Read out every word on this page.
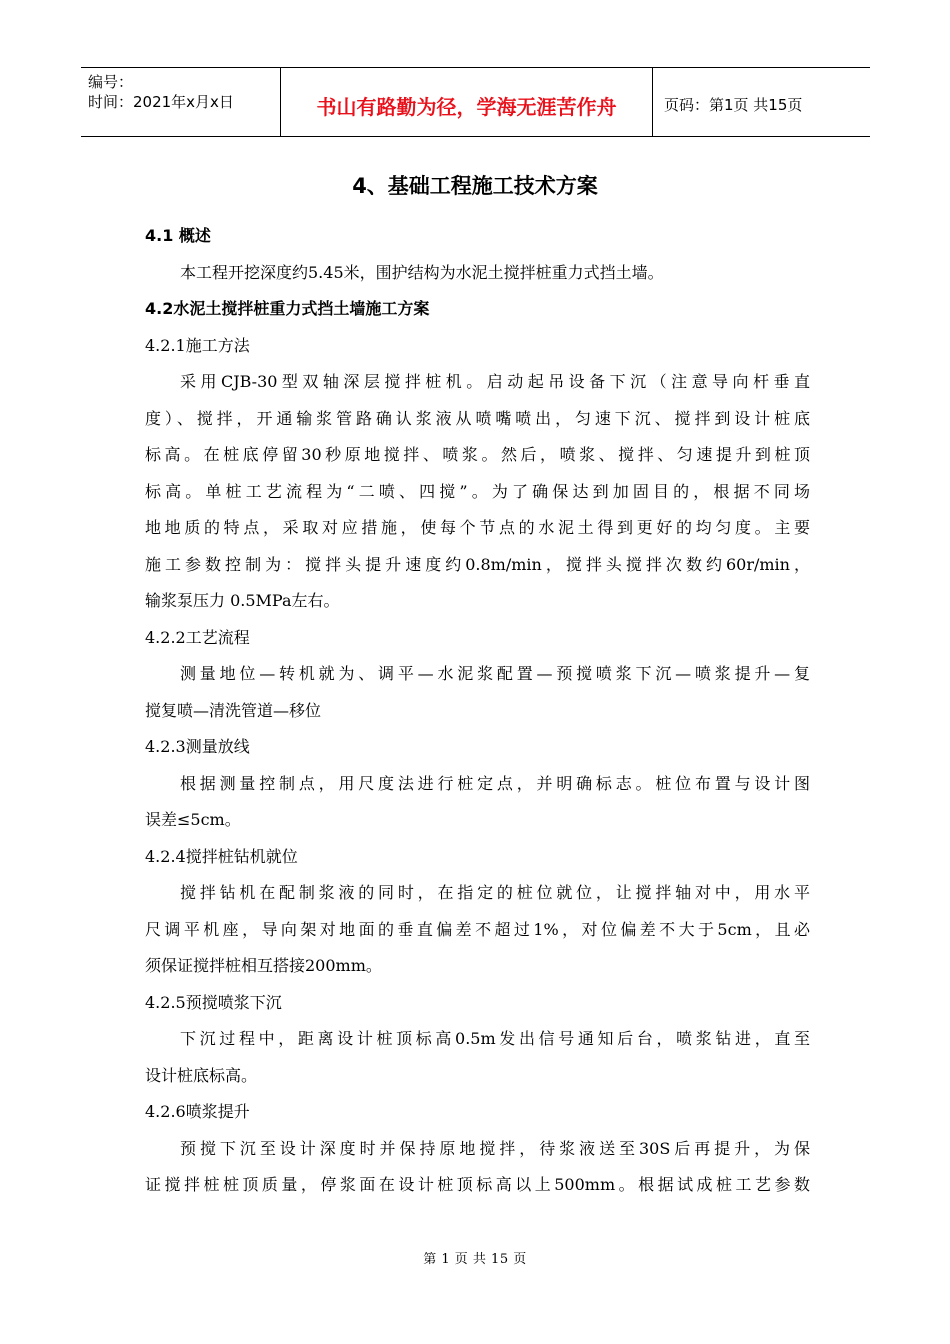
编号：
时间：2021年x月x日	书山有路勤为径，学海无涯苦作舟	页码：第1页 共15页
4、基础工程施工技术方案
4.1 概述
本工程开挖深度约5.45米，围护结构为水泥土搅拌桩重力式挡土墙。
4.2水泥土搅拌桩重力式挡土墙施工方案
4.2.1施工方法
采用CJB-30型双轴深层搅拌桩机。启动起吊设备下沉（注意导向杆垂直
度）、搅拌，开通输浆管路确认浆液从喷嘴喷出，匀速下沉、搅拌到设计桩底
标高。在桩底停留30秒原地搅拌、喷浆。然后，喷浆、搅拌、匀速提升到桩顶
标高。单桩工艺流程为“二喷、四搅”。为了确保达到加固目的，根据不同场
地地质的特点，采取对应措施，使每个节点的水泥土得到更好的均匀度。主要
施工参数控制为：搅拌头提升速度约0.8m/min，搅拌头搅拌次数约60r/min，
输浆泵压力 0.5MPa左右。
4.2.2工艺流程
测量地位—转机就为、调平—水泥浆配置—预搅喷浆下沉—喷浆提升—复
搅复喷—清洗管道—移位
4.2.3测量放线
根据测量控制点，用尺度法进行桩定点，并明确标志。桩位布置与设计图
误差≤5cm。
4.2.4搅拌桩钻机就位
搅拌钻机在配制浆液的同时，在指定的桩位就位，让搅拌轴对中，用水平
尺调平机座，导向架对地面的垂直偏差不超过1%，对位偏差不大于5cm，且必
须保证搅拌桩相互搭接200mm。
4.2.5预搅喷浆下沉
下沉过程中，距离设计桩顶标高0.5m发出信号通知后台，喷浆钻进，直至
设计桩底标高。
4.2.6喷浆提升
预搅下沉至设计深度时并保持原地搅拌，待浆液送至30S后再提升，为保
证搅拌桩桩顶质量，停浆面在设计桩顶标高以上500mm。根据试成桩工艺参数
第 1 页 共 15 页
